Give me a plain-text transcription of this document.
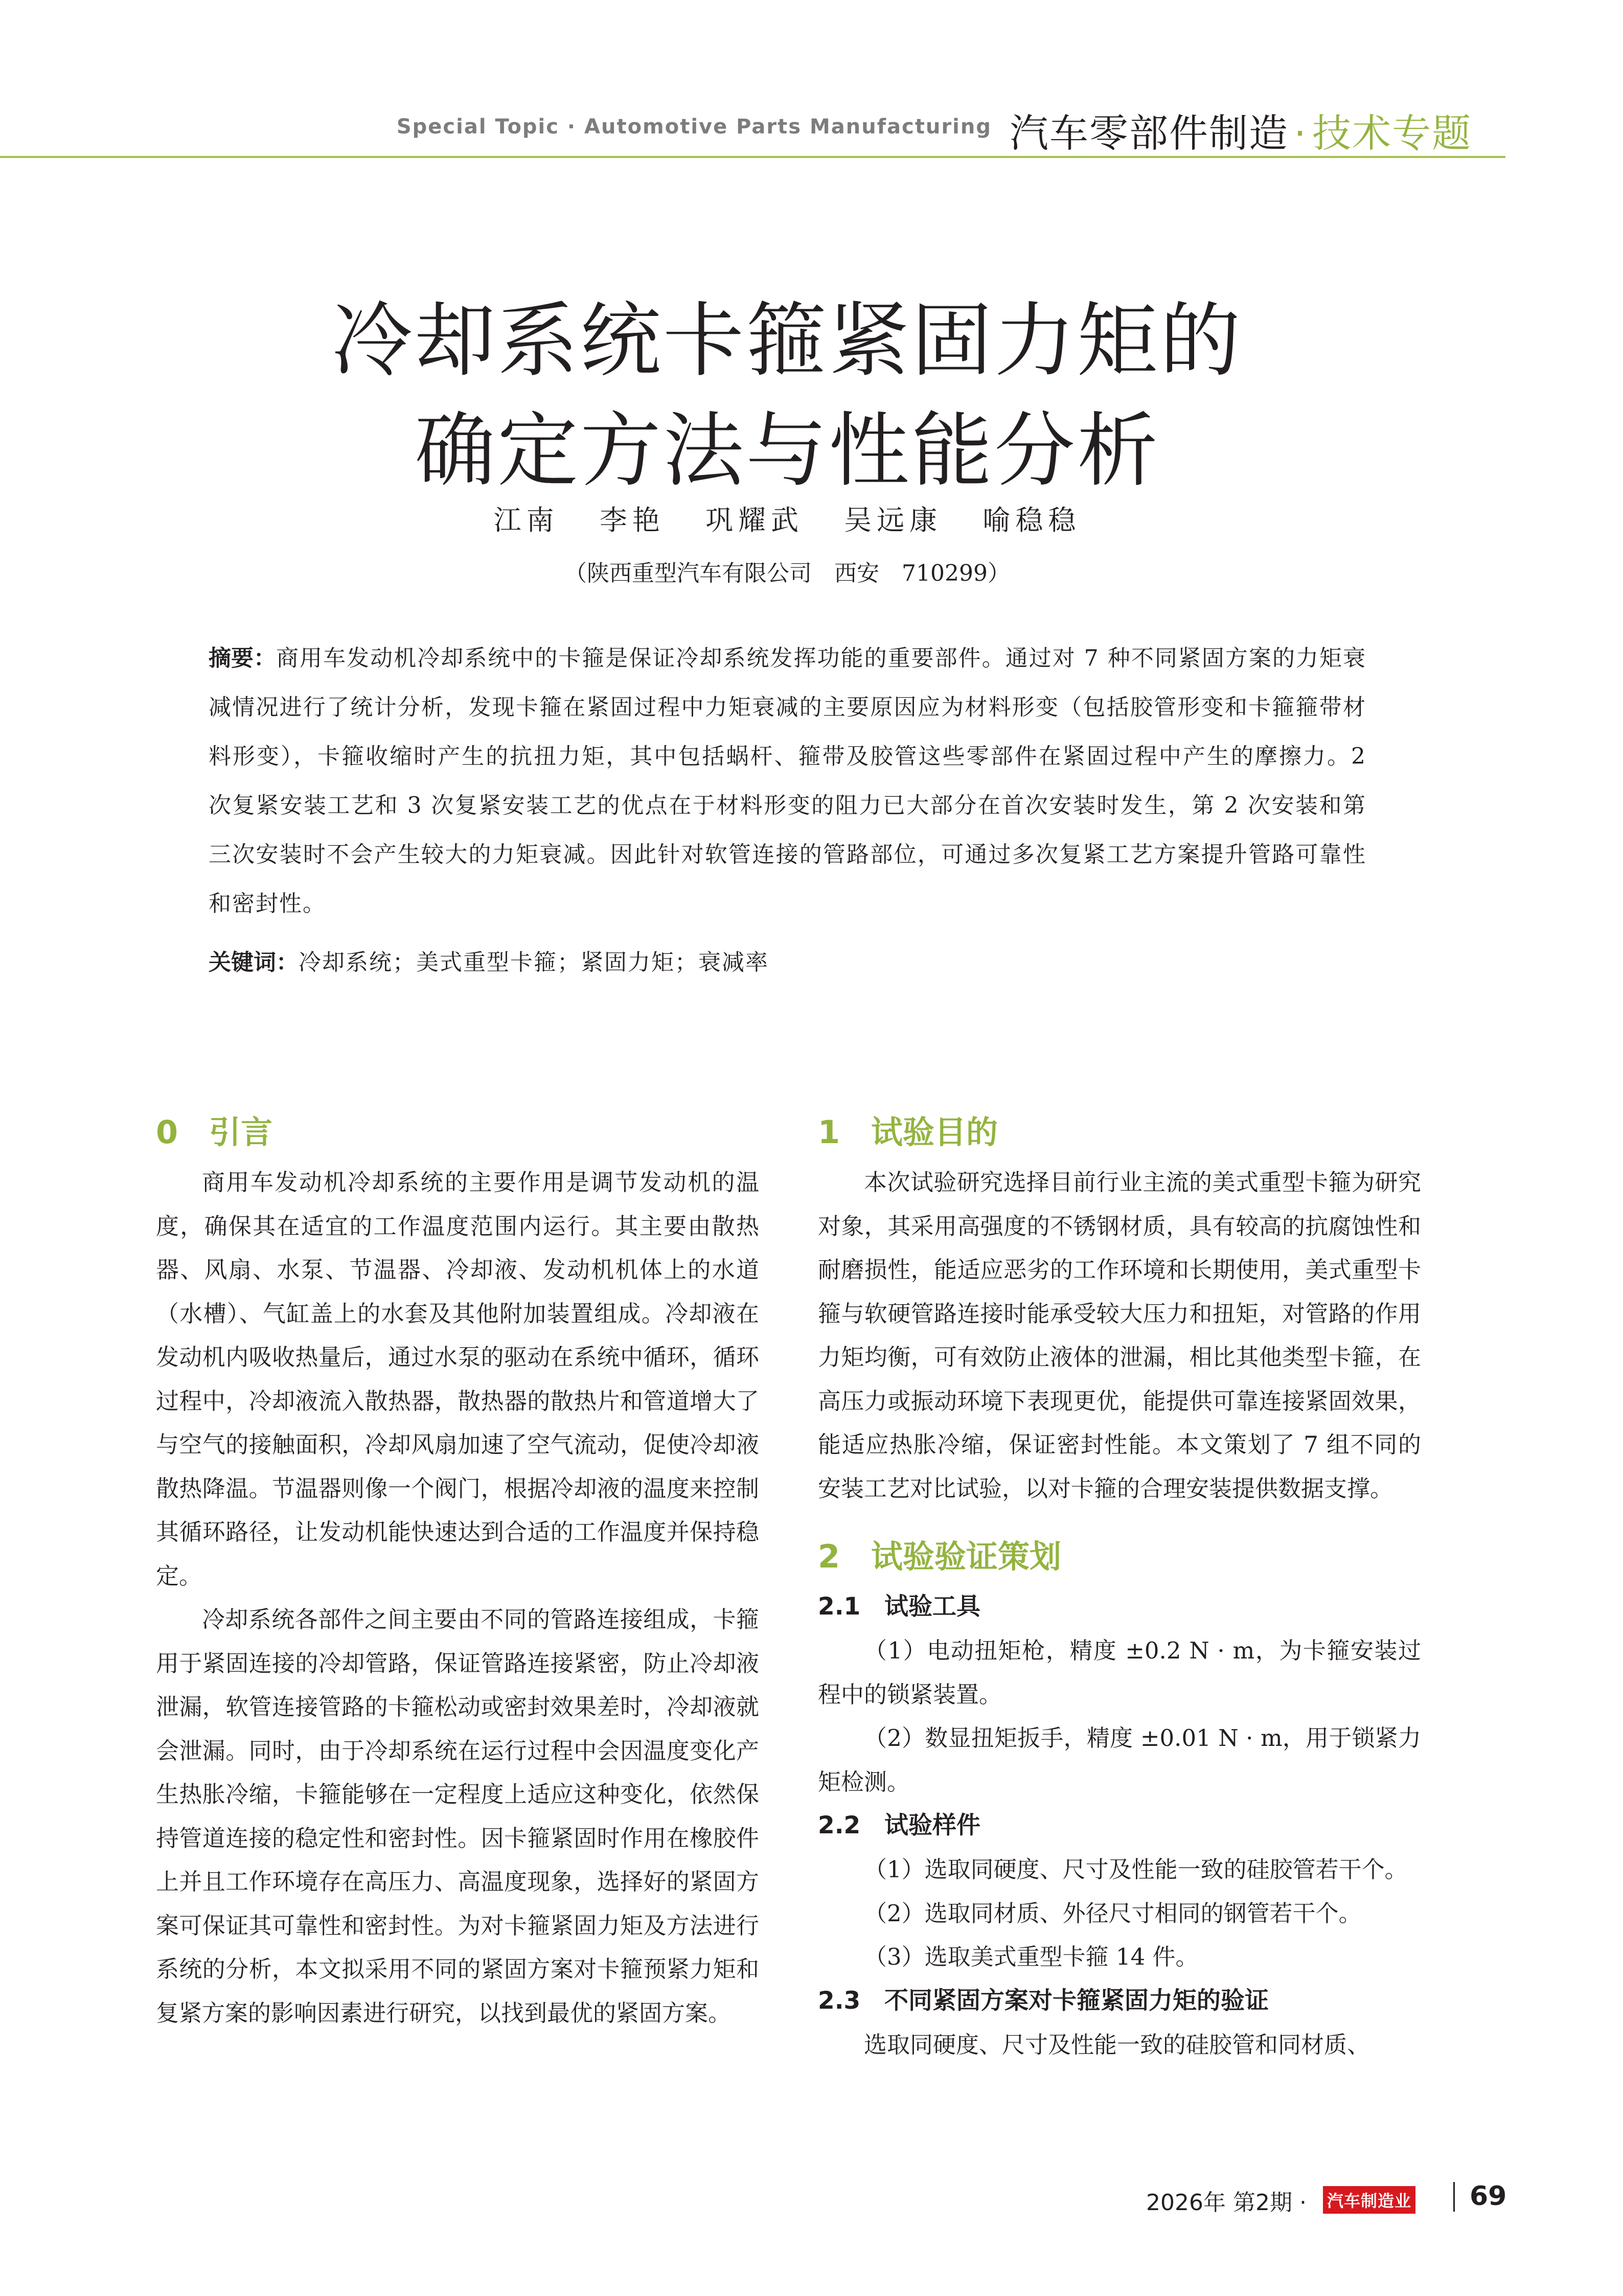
Special Topic · Automotive Parts Manufacturing 汽车零部件制造 · 技术专题
冷却系统卡箍紧固力矩的
确定方法与性能分析
江南 李艳 巩耀武 吴远康 喻稳稳
（陕西重型汽车有限公司　西安　710299）
摘要：商用车发动机冷却系统中的卡箍是保证冷却系统发挥功能的重要部件。通过对 7 种不同紧固方案的力矩衰减情况进行了统计分析，发现卡箍在紧固过程中力矩衰减的主要原因应为材料形变（包括胶管形变和卡箍箍带材料形变），卡箍收缩时产生的抗扭力矩，其中包括蜗杆、箍带及胶管这些零部件在紧固过程中产生的摩擦力。2 次复紧安装工艺和 3 次复紧安装工艺的优点在于材料形变的阻力已大部分在首次安装时发生，第 2 次安装和第三次安装时不会产生较大的力矩衰减。因此针对软管连接的管路部位，可通过多次复紧工艺方案提升管路可靠性和密封性。
关键词：冷却系统；美式重型卡箍；紧固力矩；衰减率
0 引言

商用车发动机冷却系统的主要作用是调节发动机的温度，确保其在适宜的工作温度范围内运行。其主要由散热器、风扇、水泵、节温器、冷却液、发动机机体上的水道（水槽）、气缸盖上的水套及其他附加装置组成。冷却液在发动机内吸收热量后，通过水泵的驱动在系统中循环，循环过程中，冷却液流入散热器，散热器的散热片和管道增大了与空气的接触面积，冷却风扇加速了空气流动，促使冷却液散热降温。节温器则像一个阀门，根据冷却液的温度来控制其循环路径，让发动机能快速达到合适的工作温度并保持稳定。

冷却系统各部件之间主要由不同的管路连接组成，卡箍用于紧固连接的冷却管路，保证管路连接紧密，防止冷却液泄漏，软管连接管路的卡箍松动或密封效果差时，冷却液就会泄漏。同时，由于冷却系统在运行过程中会因温度变化产生热胀冷缩，卡箍能够在一定程度上适应这种变化，依然保持管道连接的稳定性和密封性。因卡箍紧固时作用在橡胶件上并且工作环境存在高压力、高温度现象，选择好的紧固方案可保证其可靠性和密封性。为对卡箍紧固力矩及方法进行系统的分析，本文拟采用不同的紧固方案对卡箍预紧力矩和复紧方案的影响因素进行研究，以找到最优的紧固方案。

1 试验目的

本次试验研究选择目前行业主流的美式重型卡箍为研究对象，其采用高强度的不锈钢材质，具有较高的抗腐蚀性和耐磨损性，能适应恶劣的工作环境和长期使用，美式重型卡箍与软硬管路连接时能承受较大压力和扭矩，对管路的作用力矩均衡，可有效防止液体的泄漏，相比其他类型卡箍，在高压力或振动环境下表现更优，能提供可靠连接紧固效果，能适应热胀冷缩，保证密封性能。本文策划了 7 组不同的安装工艺对比试验，以对卡箍的合理安装提供数据支撑。

2 试验验证策划
2.1 试验工具

（1）电动扭矩枪，精度 ±0.2 N · m，为卡箍安装过程中的锁紧装置。

（2）数显扭矩扳手，精度 ±0.01 N · m，用于锁紧力矩检测。

2.2 试验样件

（1）选取同硬度、尺寸及性能一致的硅胶管若干个。

（2）选取同材质、外径尺寸相同的钢管若干个。

（3）选取美式重型卡箍 14 件。

2.3 不同紧固方案对卡箍紧固力矩的验证

选取同硬度、尺寸及性能一致的硅胶管和同材质、

2026年 第2期 · 汽车制造业 69
